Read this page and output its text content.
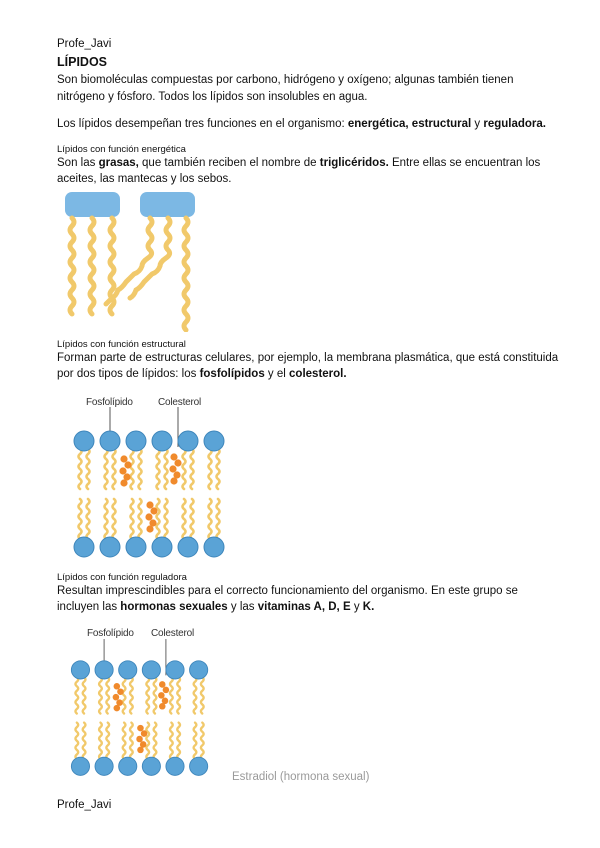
Profe_Javi
LÍPIDOS
Son biomoléculas compuestas por carbono, hidrógeno y oxígeno; algunas también tienen
nitrógeno y fósforo. Todos los lípidos son insolubles en agua.
Los lípidos desempeñan tres funciones en el organismo: energética, estructural y reguladora.
Lípidos con función energética
Son las grasas, que también reciben el nombre de triglicéridos. Entre ellas se encuentran los
aceites, las mantecas y los sebos.
Lípidos con función estructural
Forman parte de estructuras celulares, por ejemplo, la membrana plasmática, que está constituida
por dos tipos de lípidos: los fosfolípidos y el colesterol.
Fosfolípido	Colesterol
Lípidos con función reguladora
Resultan imprescindibles para el correcto funcionamiento del organismo. En este grupo se
incluyen las hormonas sexuales y las vitaminas A, D, E y K.
Fosfolípido Colesterol
Estradiol (hormona sexual)
Profe_Javi
